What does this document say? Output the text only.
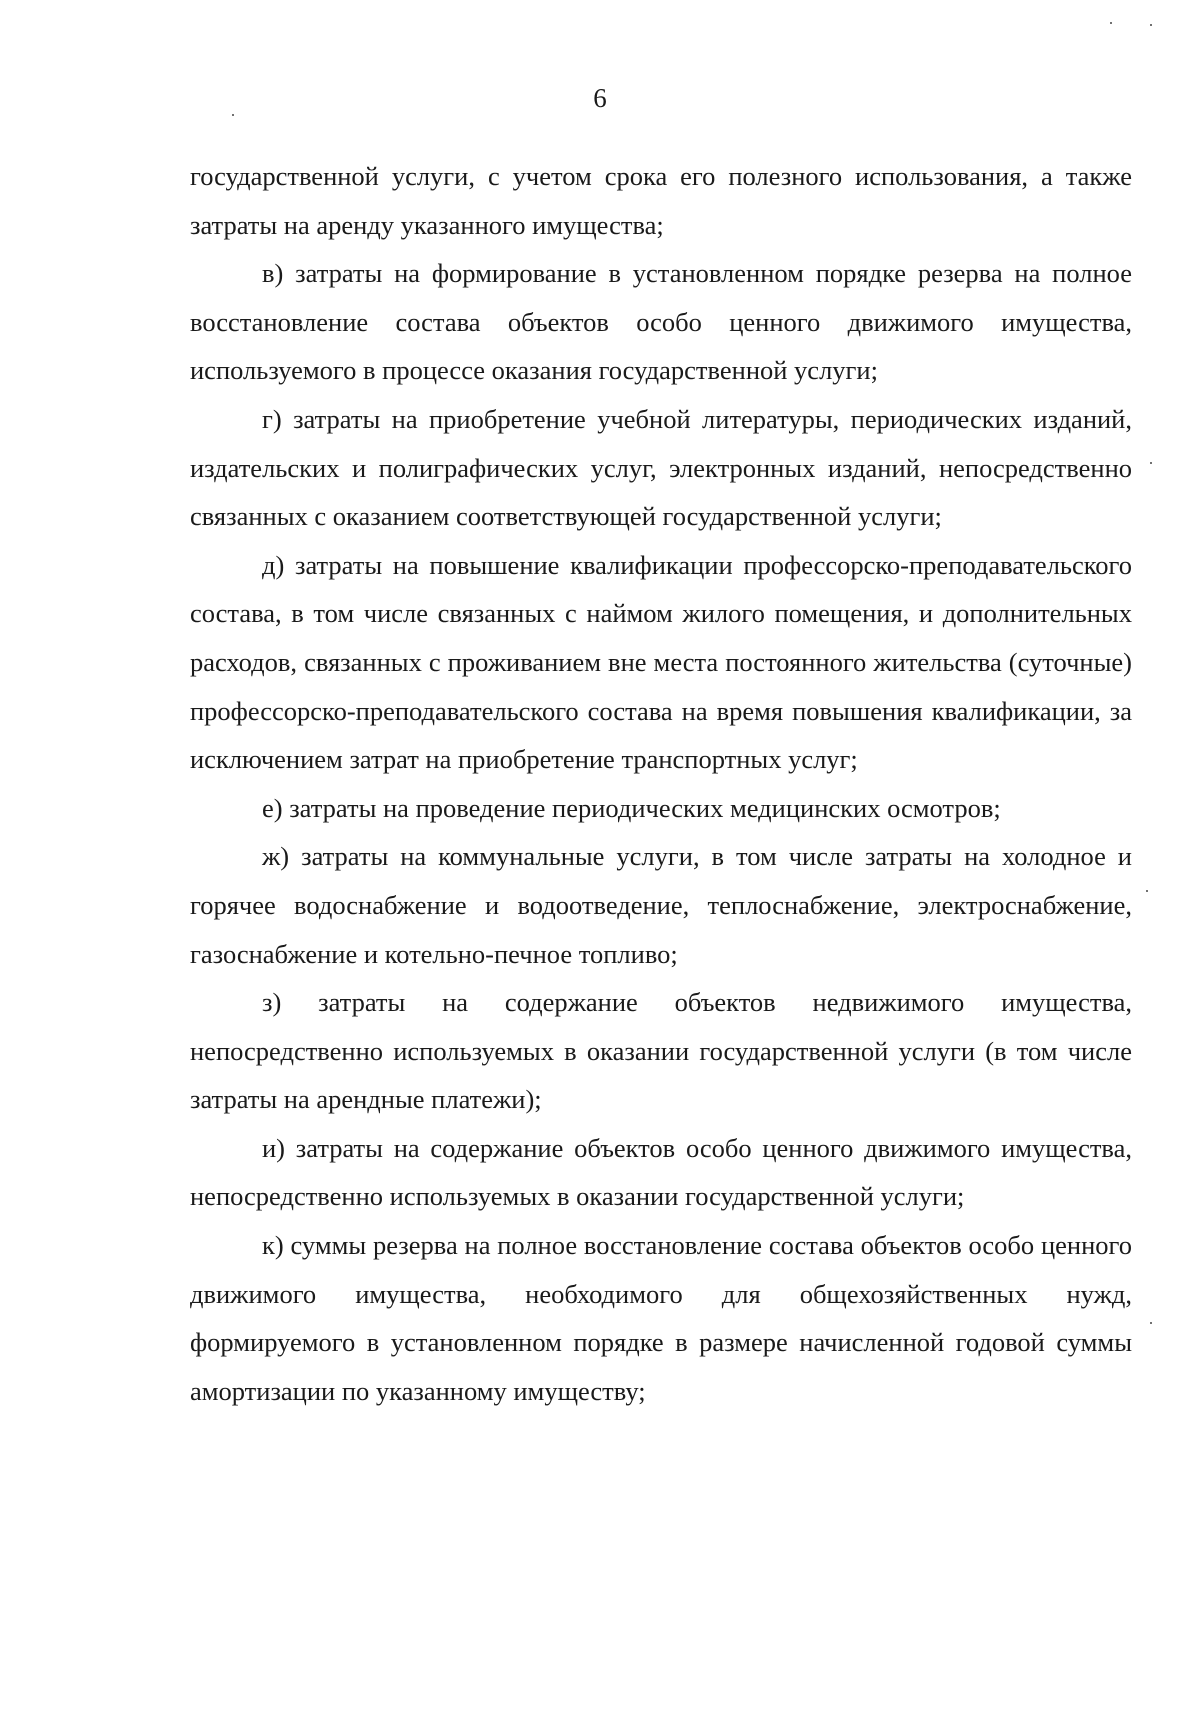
6

государственной услуги, с учетом срока его полезного использования, а также затраты на аренду указанного имущества;

в) затраты на формирование в установленном порядке резерва на полное восстановление состава объектов особо ценного движимого имущества, используемого в процессе оказания государственной услуги;

г) затраты на приобретение учебной литературы, периодических изданий, издательских и полиграфических услуг, электронных изданий, непосредственно связанных с оказанием соответствующей государственной услуги;

д) затраты на повышение квалификации профессорско-преподавательского состава, в том числе связанных с наймом жилого помещения, и дополнительных расходов, связанных с проживанием вне места постоянного жительства (суточные) профессорско-преподавательского состава на время повышения квалификации, за исключением затрат на приобретение транспортных услуг;

е) затраты на проведение периодических медицинских осмотров;

ж) затраты на коммунальные услуги, в том числе затраты на холодное и горячее водоснабжение и водоотведение, теплоснабжение, электроснабжение, газоснабжение и котельно-печное топливо;

з) затраты на содержание объектов недвижимого имущества, непосредственно используемых в оказании государственной услуги (в том числе затраты на арендные платежи);

и) затраты на содержание объектов особо ценного движимого имущества, непосредственно используемых в оказании государственной услуги;

к) суммы резерва на полное восстановление состава объектов особо ценного движимого имущества, необходимого для общехозяйственных нужд, формируемого в установленном порядке в размере начисленной годовой суммы амортизации по указанному имуществу;
